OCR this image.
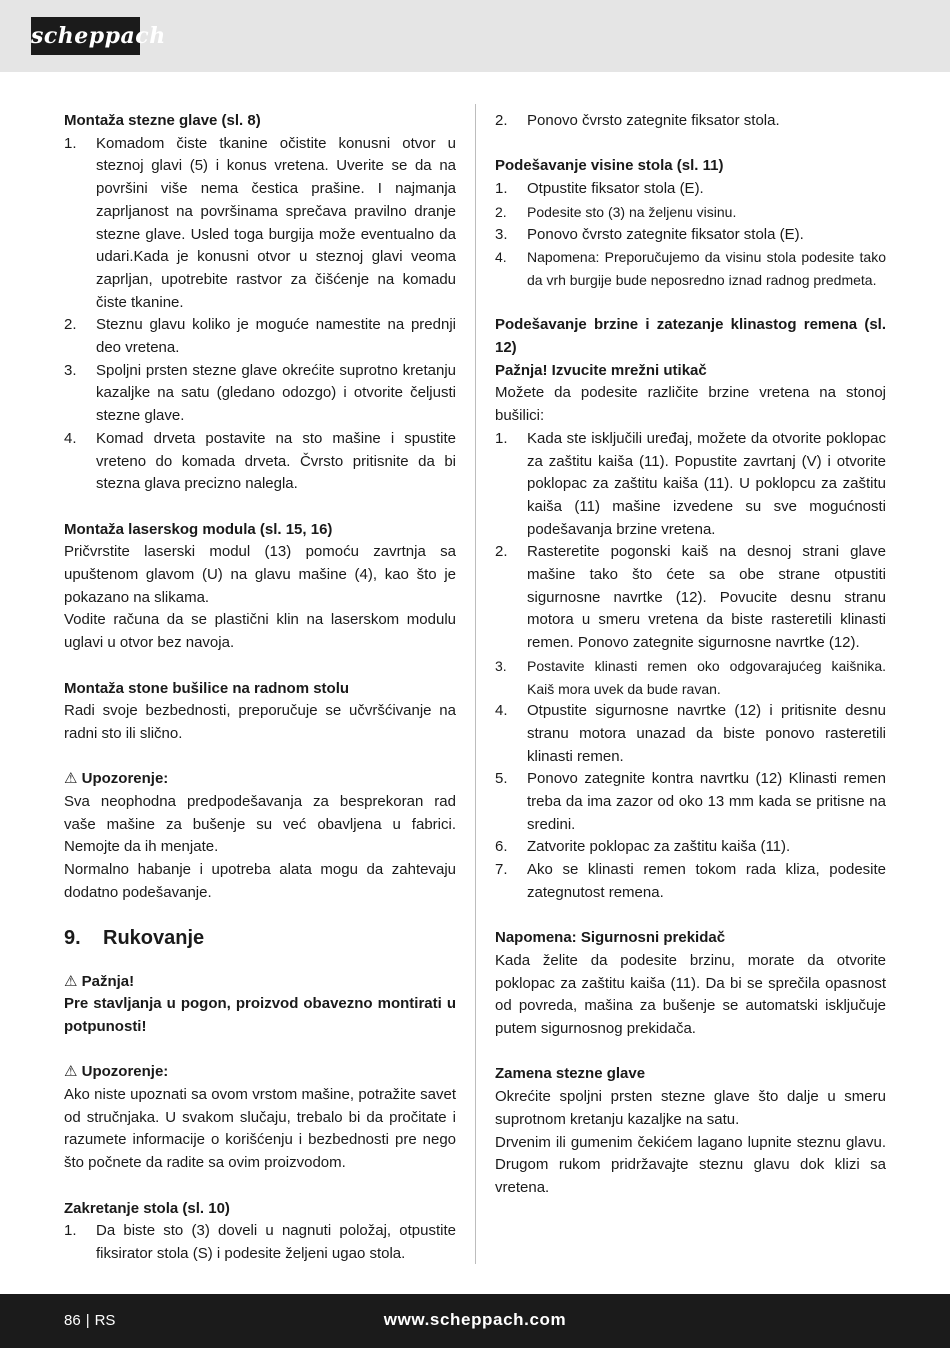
scheppach

Montaža stezne glave (sl. 8)

1. Komadom čiste tkanine očistite konusni otvor u steznoj glavi (5) i konus vretena. Uverite se da na površini više nema čestica prašine. I najmanja zaprljanost na površinama sprečava pravilno dranje stezne glave. Usled toga burgija može eventualno da udari.Kada je konusni otvor u steznoj glavi veoma zaprljan, upotrebite rastvor za čišćenje na komadu čiste tkanine.
2. Steznu glavu koliko je moguće namestite na prednji deo vretena.
3. Spoljni prsten stezne glave okrećite suprotno kretanju kazaljke na satu (gledano odozgo) i otvorite čeljusti stezne glave.
4. Komad drveta postavite na sto mašine i spustite vreteno do komada drveta. Čvrsto pritisnite da bi stezna glava precizno nalegla.

Montaža laserskog modula (sl. 15, 16)

Pričvrstite laserski modul (13) pomoću zavrtnja sa upuštenom glavom (U) na glavu mašine (4), kao što je pokazano na slikama.

Vodite računa da se plastični klin na laserskom modulu uglavi u otvor bez navoja.

Montaža stone bušilice na radnom stolu

Radi svoje bezbednosti, preporučuje se učvršćivanje na radni sto ili slično.

⚠ Upozorenje:

Sva neophodna predpodešavanja za besprekoran rad vaše mašine za bušenje su već obavljena u fabrici. Nemojte da ih menjate.

Normalno habanje i upotreba alata mogu da zahtevaju dodatno podešavanje.

9. Rukovanje

⚠ Pažnja!

Pre stavljanja u pogon, proizvod obavezno montirati u potpunosti!

⚠ Upozorenje:

Ako niste upoznati sa ovom vrstom mašine, potražite savet od stručnjaka. U svakom slučaju, trebalo bi da pročitate i razumete informacije o korišćenju i bezbednosti pre nego što počnete da radite sa ovim proizvodom.

Zakretanje stola (sl. 10)

1. Da biste sto (3) doveli u nagnuti položaj, otpustite fiksirator stola (S) i podesite željeni ugao stola.
2. Ponovo čvrsto zategnite fiksator stola.

Podešavanje visine stola (sl. 11)

1. Otpustite fiksator stola (E).
2. Podesite sto (3) na željenu visinu.
3. Ponovo čvrsto zategnite fiksator stola (E).
4. Napomena: Preporučujemo da visinu stola podesite tako da vrh burgije bude neposredno iznad radnog predmeta.

Podešavanje brzine i zatezanje klinastog remena (sl. 12)

Pažnja! Izvucite mrežni utikač

Možete da podesite različite brzine vretena na stonoj bušilici:

1. Kada ste isključili uređaj, možete da otvorite poklopac za zaštitu kaiša (11). Popustite zavrtanj (V) i otvorite poklopac za zaštitu kaiša (11). U poklopcu za zaštitu kaiša (11) mašine izvedene su sve mogućnosti podešavanja brzine vretena.
2. Rasteretite pogonski kaiš na desnoj strani glave mašine tako što ćete sa obe strane otpustiti sigurnosne navrtke (12). Povucite desnu stranu motora u smeru vretena da biste rasteretili klinasti remen. Ponovo zategnite sigurnosne navrtke (12).
3. Postavite klinasti remen oko odgovarajućeg kaišnika. Kaiš mora uvek da bude ravan.
4. Otpustite sigurnosne navrtke (12) i pritisnite desnu stranu motora unazad da biste ponovo rasteretili klinasti remen.
5. Ponovo zategnite kontra navrtku (12) Klinasti remen treba da ima zazor od oko 13 mm kada se pritisne na sredini.
6. Zatvorite poklopac za zaštitu kaiša (11).
7. Ako se klinasti remen tokom rada kliza, podesite zategnutost remena.

Napomena: Sigurnosni prekidač

Kada želite da podesite brzinu, morate da otvorite poklopac za zaštitu kaiša (11). Da bi se sprečila opasnost od povreda, mašina za bušenje se automatski isključuje putem sigurnosnog prekidača.

Zamena stezne glave

Okrećite spoljni prsten stezne glave što dalje u smeru suprotnom kretanju kazaljke na satu.

Drvenim ili gumenim čekićem lagano lupnite steznu glavu. Drugom rukom pridržavajte steznu glavu dok klizi sa vretena.

86 | RS	www.scheppach.com
